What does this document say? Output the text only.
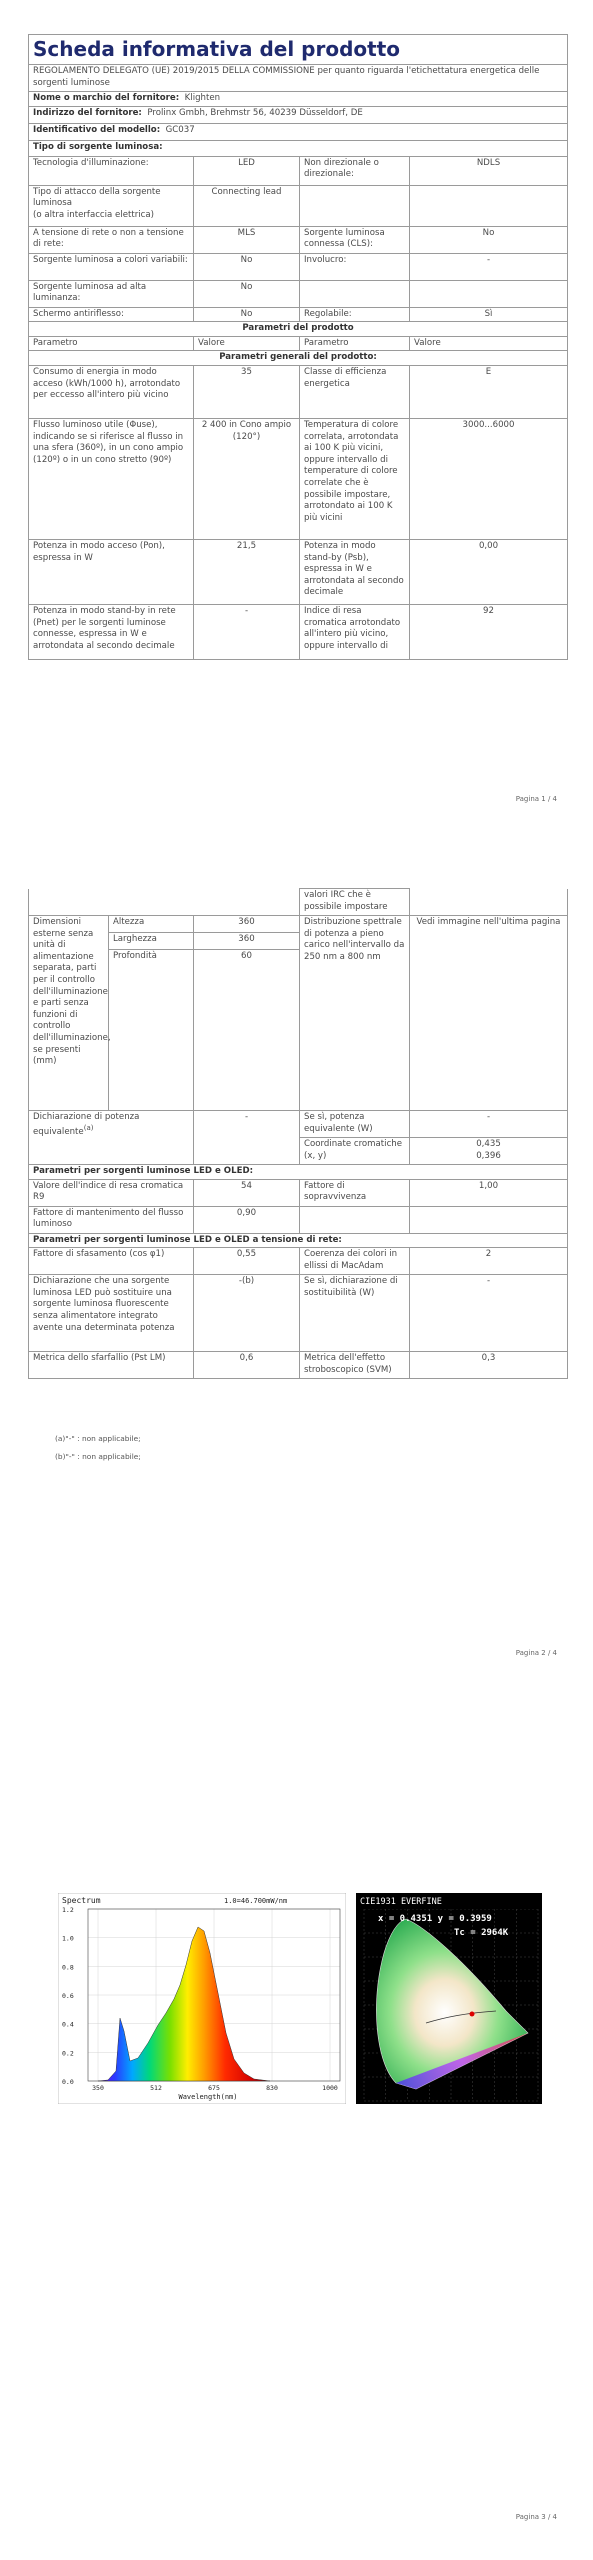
Scheda informativa del prodotto			
REGOLAMENTO DELEGATO (UE) 2019/2015 DELLA COMMISSIONE per quanto riguarda l'etichettatura energetica delle sorgenti luminose			
Nome o marchio del fornitore: Klighten			
Indirizzo del fornitore: Prolinx Gmbh, Brehmstr 56, 40239 Düsseldorf, DE			
Identificativo del modello: GC037			
Tipo di sorgente luminosa:			
Tecnologia d'illuminazione:	LED	Non direzionale o direzionale:	NDLS
Tipo di attacco della sorgente luminosa
(o altra interfaccia elettrica)	Connecting lead		
A tensione di rete o non a tensione di rete:	MLS	Sorgente luminosa connessa (CLS):	No
Sorgente luminosa a colori variabili:	No	Involucro:	-
Sorgente luminosa ad alta luminanza:	No		
Schermo antiriflesso:	No	Regolabile:	Sì
Parametri del prodotto			
Parametro	Valore	Parametro	Valore
Parametri generali del prodotto:			
Consumo di energia in modo acceso (kWh/1000 h), arrotondato per eccesso all'intero più vicino	35	Classe di efficienza energetica	E
Flusso luminoso utile (Φuse), indicando se si riferisce al flusso in una sfera (360º), in un cono ampio (120º) o in un cono stretto (90º)	2 400 in Cono ampio (120°)	Temperatura di colore correlata, arrotondata ai 100 K più vicini, oppure intervallo di temperature di colore correlate che è possibile impostare, arrotondato ai 100 K più vicini	3000...6000
Potenza in modo acceso (Pon), espressa in W	21,5	Potenza in modo stand-by (Psb), espressa in W e arrotondata al secondo decimale	0,00
Potenza in modo stand-by in rete (Pnet) per le sorgenti luminose connesse, espressa in W e arrotondata al secondo decimale	-	Indice di resa cromatica arrotondato all'intero più vicino, oppure intervallo di	92
Pagina 1 / 4
			valori IRC che è possibile impostare	
Dimensioni esterne senza unità di alimentazione separata, parti per il controllo dell'illuminazione e parti senza funzioni di controllo dell'illuminazione, se presenti (mm)	Altezza	360	Distribuzione spettrale di potenza a pieno carico nell'intervallo da 250 nm a 800 nm	Vedi immagine nell'ultima pagina
	Larghezza	360		
	Profondità	60		
Dichiarazione di potenza equivalente$^{(a)}$		-	Se sì, potenza equivalente (W)	-
			Coordinate cromatiche (x, y)	0,435
0,396

Parametri per sorgenti luminose LED e OLED:				
Valore dell'indice di resa cromatica R9		54	Fattore di sopravvivenza	1,00
Fattore di mantenimento del flusso luminoso		0,90		
Parametri per sorgenti luminose LED e OLED a tensione di rete:				
Fattore di sfasamento (cos φ1)		0,55	Coerenza dei colori in ellissi di MacAdam	2
Dichiarazione che una sorgente luminosa LED può sostituire una sorgente luminosa fluorescente senza alimentatore integrato avente una determinata potenza		-(b)	Se sì, dichiarazione di sostituibilità (W)	-
Metrica dello sfarfallio (Pst LM)		0,6	Metrica dell'effetto stroboscopico (SVM)	0,3
(a)"-" : non applicabile;
(b)"-" : non applicabile;
Pagina 2 / 4
Spectrum	1.0=46.700mW/nm
0.0
0.2
0.4
0.6
0.8
1.0
1.2
350	512	675	830	1000
Wavelength(nm)
CIE1931 EVERFINE
x = 0.4351 y = 0.3959
Tc = 2964K
Pagina 3 / 4
